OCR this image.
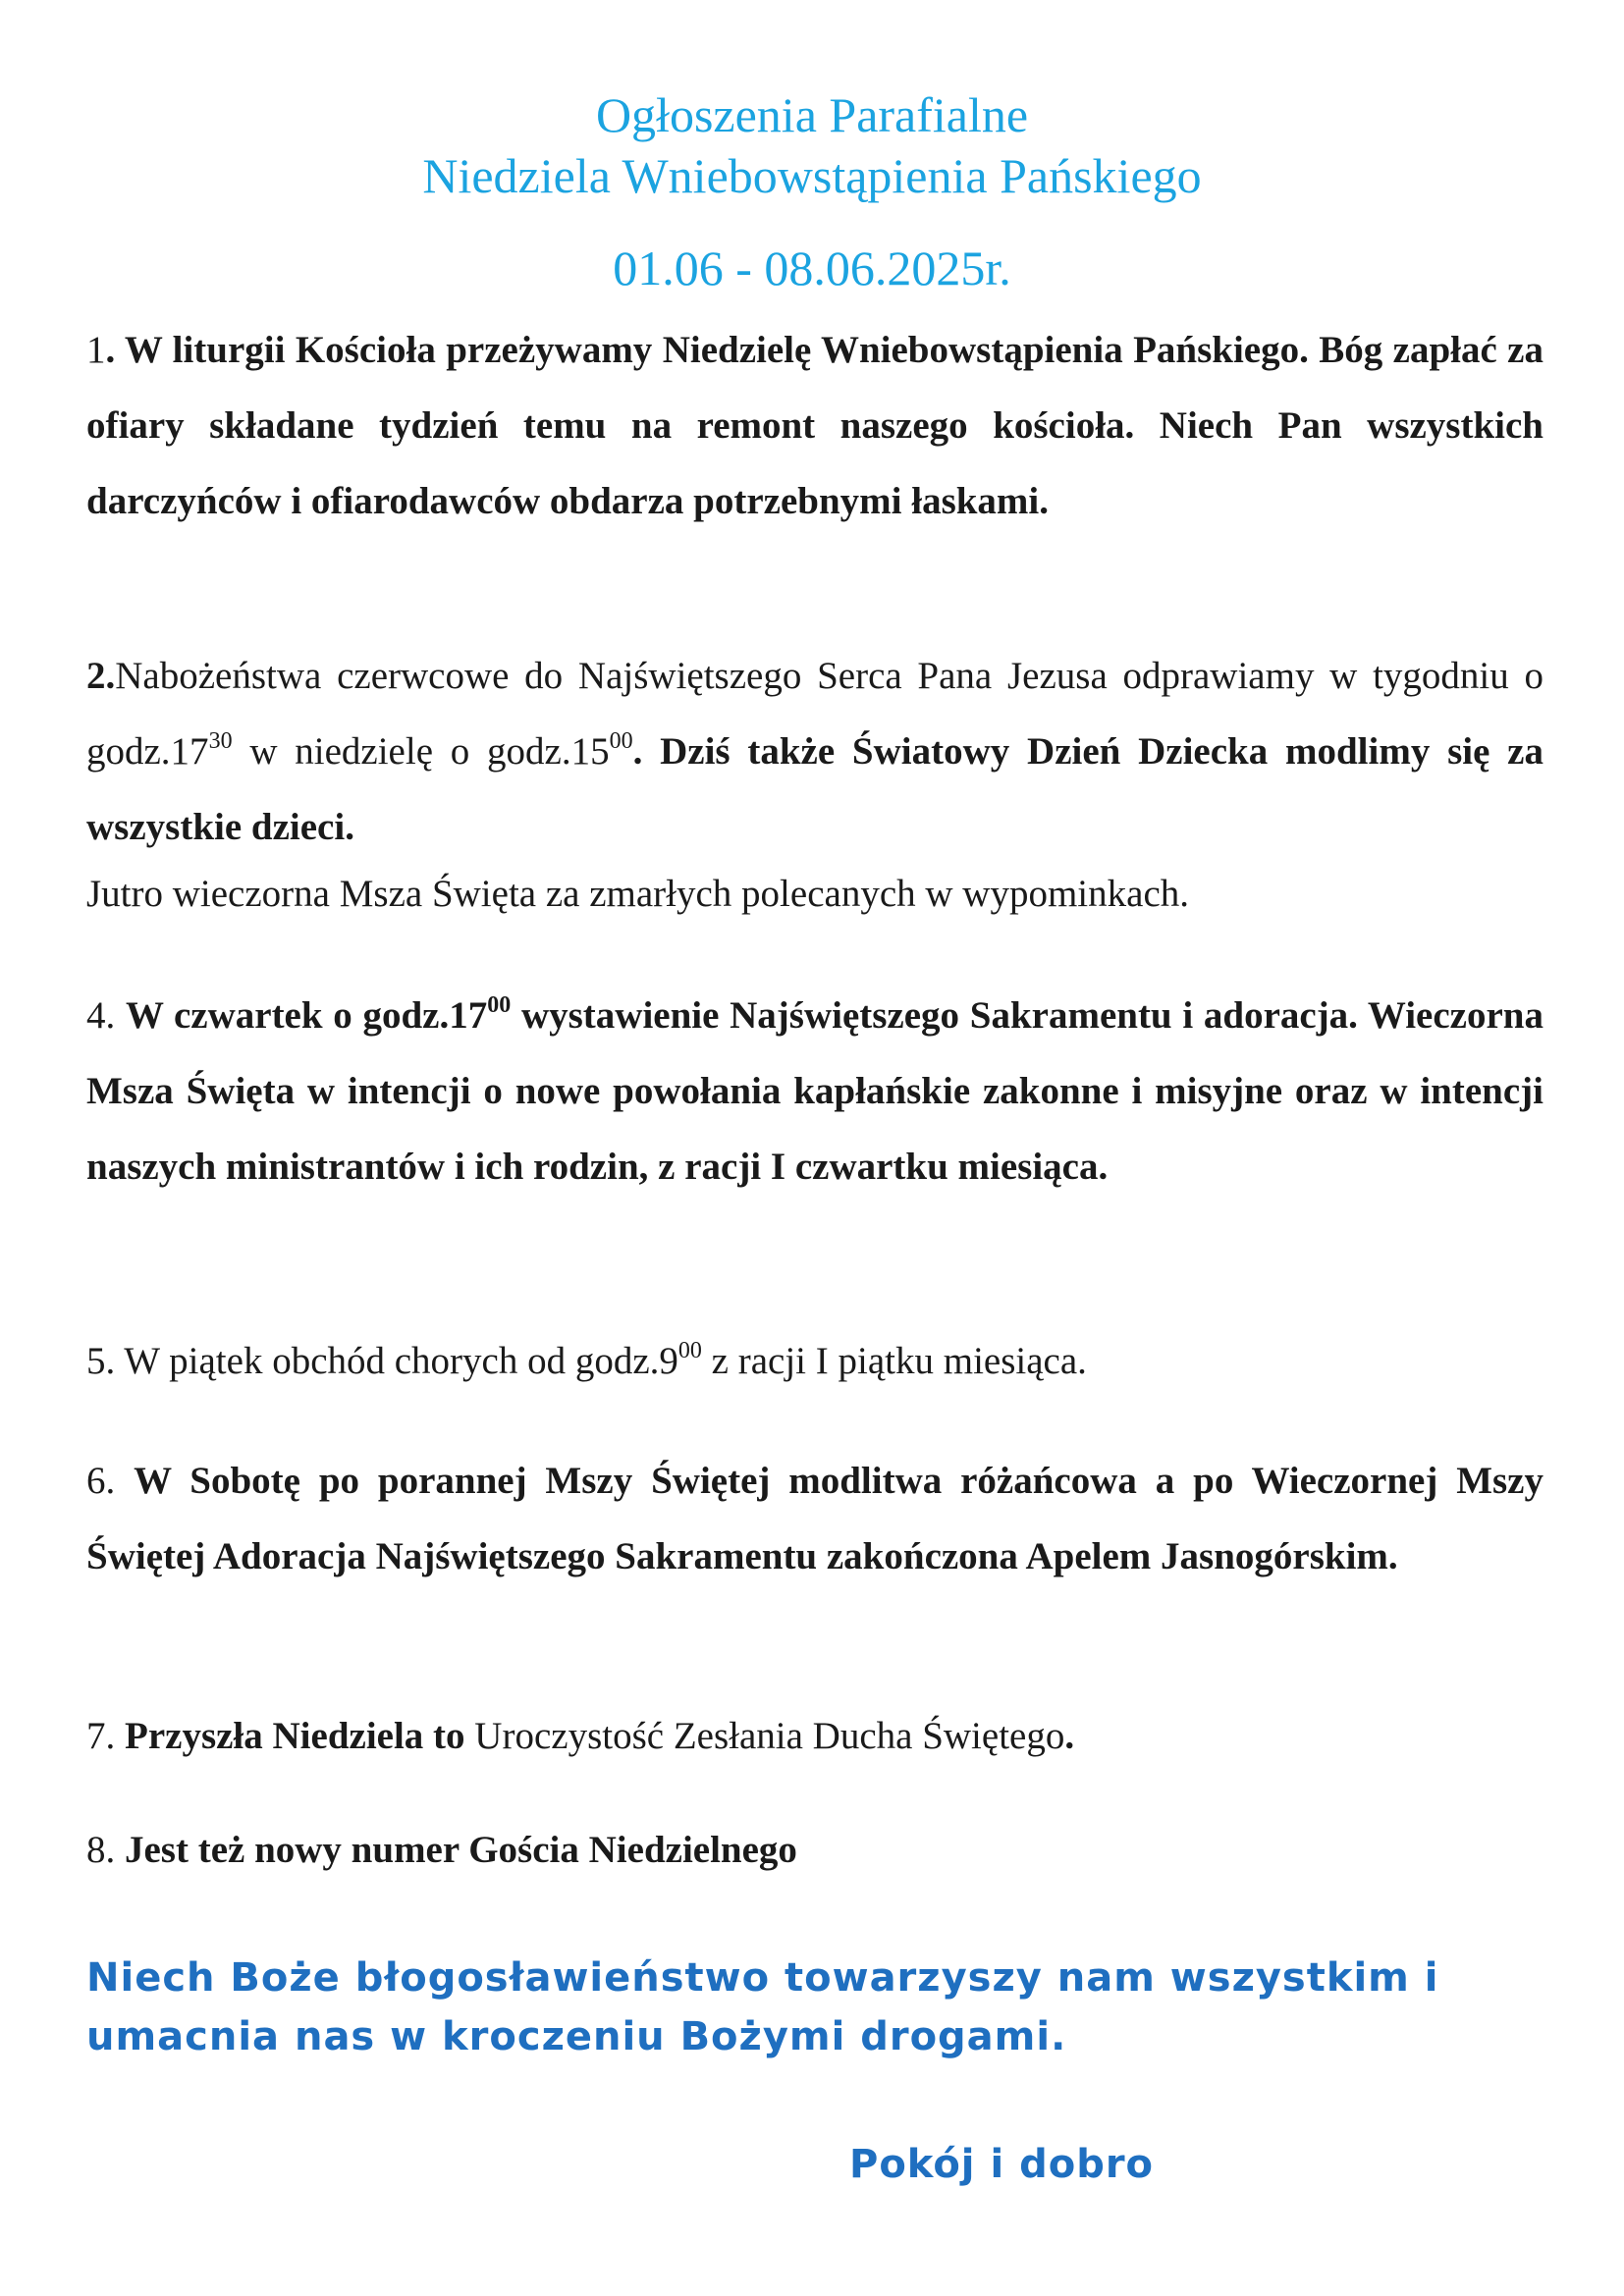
Ogłoszenia Parafialne
Niedziela Wniebowstąpienia Pańskiego
01.06 - 08.06.2025r.
1. W liturgii Kościoła przeżywamy Niedzielę Wniebowstąpienia Pańskiego. Bóg zapłać za ofiary składane tydzień temu na remont naszego kościoła. Niech Pan wszystkich darczyńców i ofiarodawców obdarza potrzebnymi łaskami.
2.Nabożeństwa czerwcowe do Najświętszego Serca Pana Jezusa odprawiamy w tygodniu o $godz.17^{30}$ w niedzielę o $godz.15^{00}$. Dziś także Światowy Dzień Dziecka modlimy się za wszystkie dzieci.
Jutro wieczorna Msza Święta za zmarłych polecanych w wypominkach.
4. W czwartek o $godz.17^{00}$ wystawienie Najświętszego Sakramentu i adoracja. Wieczorna Msza Święta w intencji o nowe powołania kapłańskie zakonne i misyjne oraz w intencji naszych ministrantów i ich rodzin, z racji I czwartku miesiąca.
5. W piątek obchód chorych od $godz.9^{00}$ z racji I piątku miesiąca.
6. W Sobotę po porannej Mszy Świętej modlitwa różańcowa a po Wieczornej Mszy Świętej Adoracja Najświętszego Sakramentu zakończona Apelem Jasnogórskim.
7. Przyszła Niedziela to Uroczystość Zesłania Ducha Świętego.
8. Jest też nowy numer Gościa Niedzielnego
Niech Boże błogosławieństwo towarzyszy nam wszystkim i umacnia nas w kroczeniu Bożymi drogami.
Pokój i dobro
